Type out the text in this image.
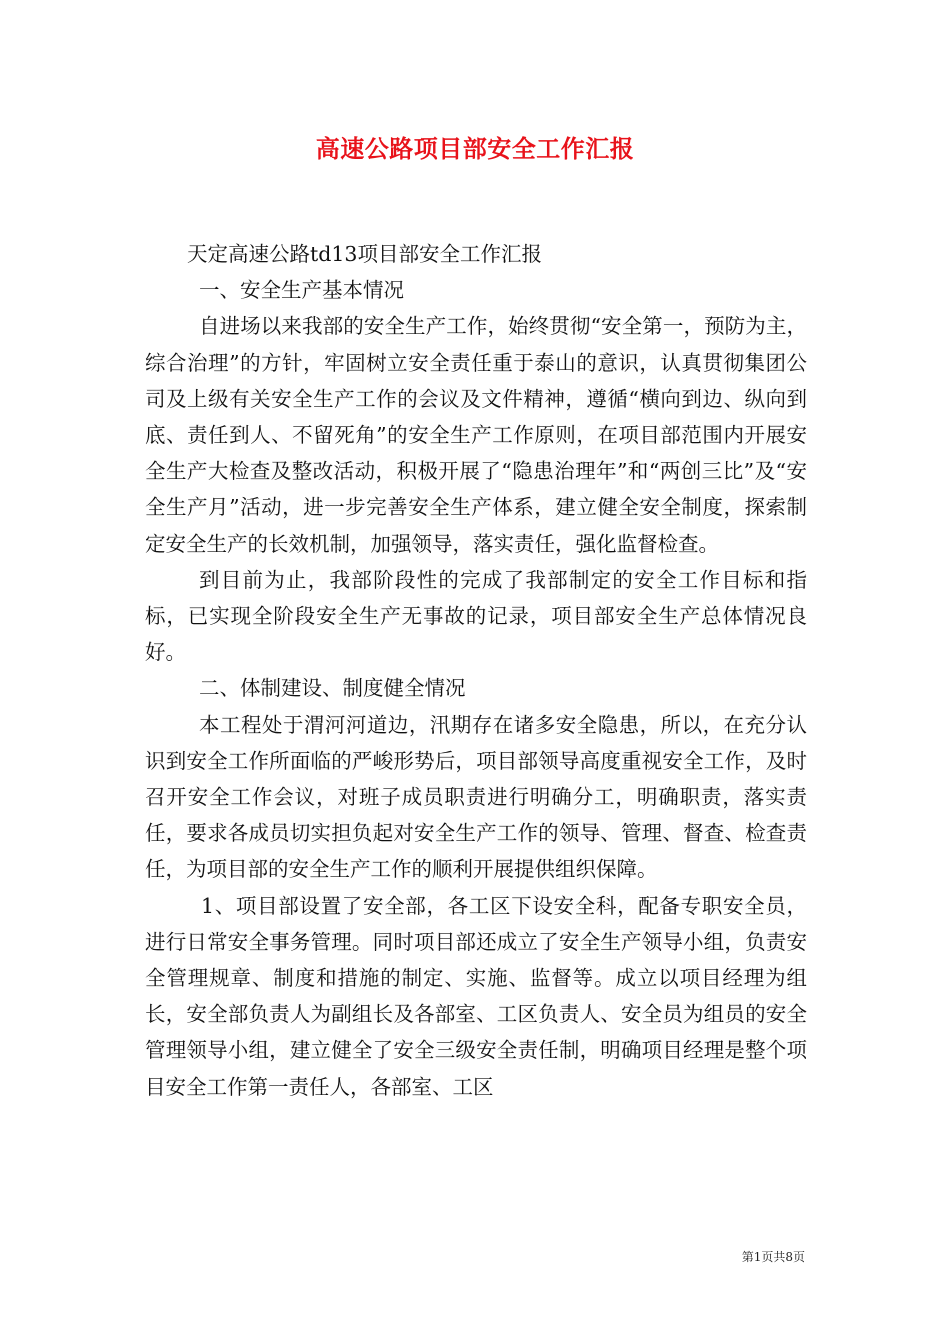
高速公路项目部安全工作汇报

天定高速公路td13项目部安全工作汇报

一、安全生产基本情况

自进场以来我部的安全生产工作，始终贯彻“安全第一，预防为主，综合治理”的方针，牢固树立安全责任重于泰山的意识，认真贯彻集团公司及上级有关安全生产工作的会议及文件精神，遵循“横向到边、纵向到底、责任到人、不留死角”的安全生产工作原则，在项目部范围内开展安全生产大检查及整改活动，积极开展了“隐患治理年”和“两创三比”及“安全生产月”活动，进一步完善安全生产体系，建立健全安全制度，探索制定安全生产的长效机制，加强领导，落实责任，强化监督检查。

到目前为止，我部阶段性的完成了我部制定的安全工作目标和指标，已实现全阶段安全生产无事故的记录，项目部安全生产总体情况良好。

二、体制建设、制度健全情况

本工程处于渭河河道边，汛期存在诸多安全隐患，所以，在充分认识到安全工作所面临的严峻形势后，项目部领导高度重视安全工作，及时召开安全工作会议，对班子成员职责进行明确分工，明确职责，落实责任，要求各成员切实担负起对安全生产工作的领导、管理、督查、检查责任，为项目部的安全生产工作的顺利开展提供组织保障。

1、项目部设置了安全部，各工区下设安全科，配备专职安全员，进行日常安全事务管理。同时项目部还成立了安全生产领导小组，负责安全管理规章、制度和措施的制定、实施、监督等。成立以项目经理为组长，安全部负责人为副组长及各部室、工区负责人、安全员为组员的安全管理领导小组，建立健全了安全三级安全责任制，明确项目经理是整个项目安全工作第一责任人，各部室、工区

第1页共8页
